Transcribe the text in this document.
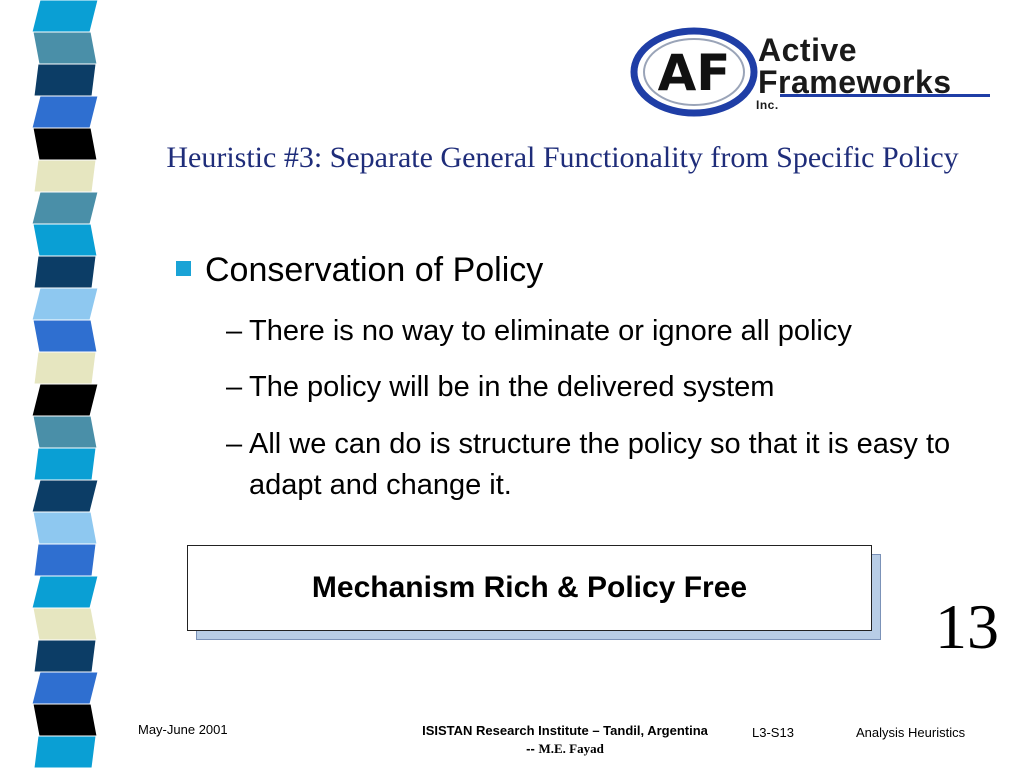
AF Active
Frameworks
Inc.
Heuristic #3: Separate General Functionality from Specific Policy
Conservation of Policy
– There is no way to eliminate or ignore all policy
– The policy will be in the delivered system
– All we can do is structure the policy so that it is easy to adapt and change it.
Mechanism Rich & Policy Free
13
May-June 2001	ISISTAN Research Institute – Tandil, Argentina -- M.E. Fayad
L3-S13	Analysis Heuristics
